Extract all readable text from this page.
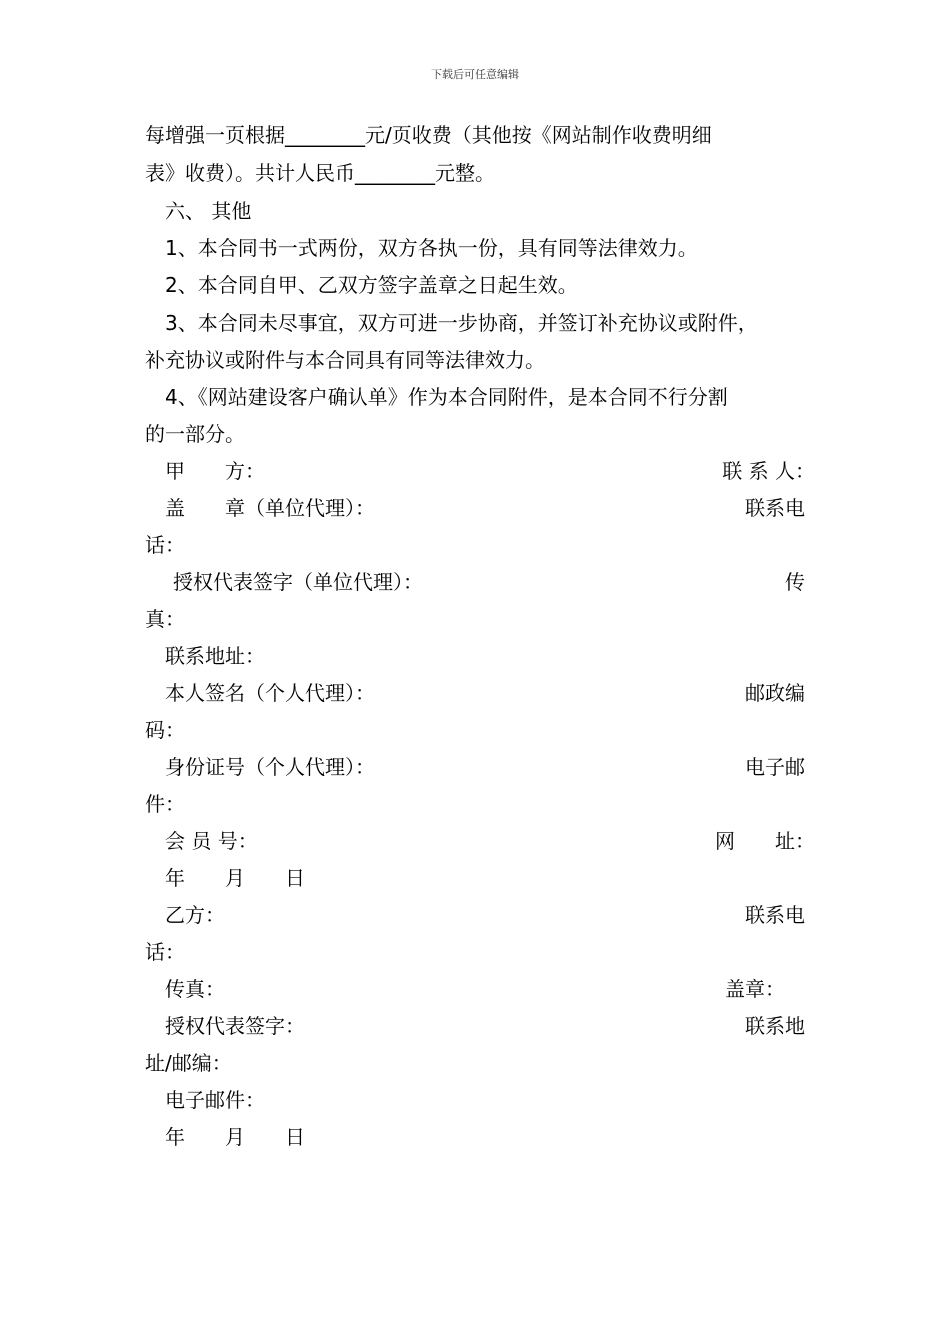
下载后可任意编辑
每增强一页根据________元/页收费（其他按《网站制作收费明细
表》收费）。共计人民币________元整。
六、 其他
1、本合同书一式两份，双方各执一份，具有同等法律效力。
2、本合同自甲、乙双方签字盖章之日起生效。
3、本合同未尽事宜，双方可进一步协商，并签订补充协议或附件，
补充协议或附件与本合同具有同等法律效力。
4、《网站建设客户确认单》作为本合同附件，是本合同不行分割
的一部分。
甲　　方：	联 系 人：
盖　　章（单位代理）：	联系电
话：
授权代表签字（单位代理）：	传
真：
联系地址：
本人签名（个人代理）：	邮政编
码：
身份证号（个人代理）：	电子邮
件：
会 员 号：	网　　址：
年　　月　　日
乙方：	联系电
话：
传真：	盖章：
授权代表签字：	联系地
址/邮编：
电子邮件：
年　　月　　日
